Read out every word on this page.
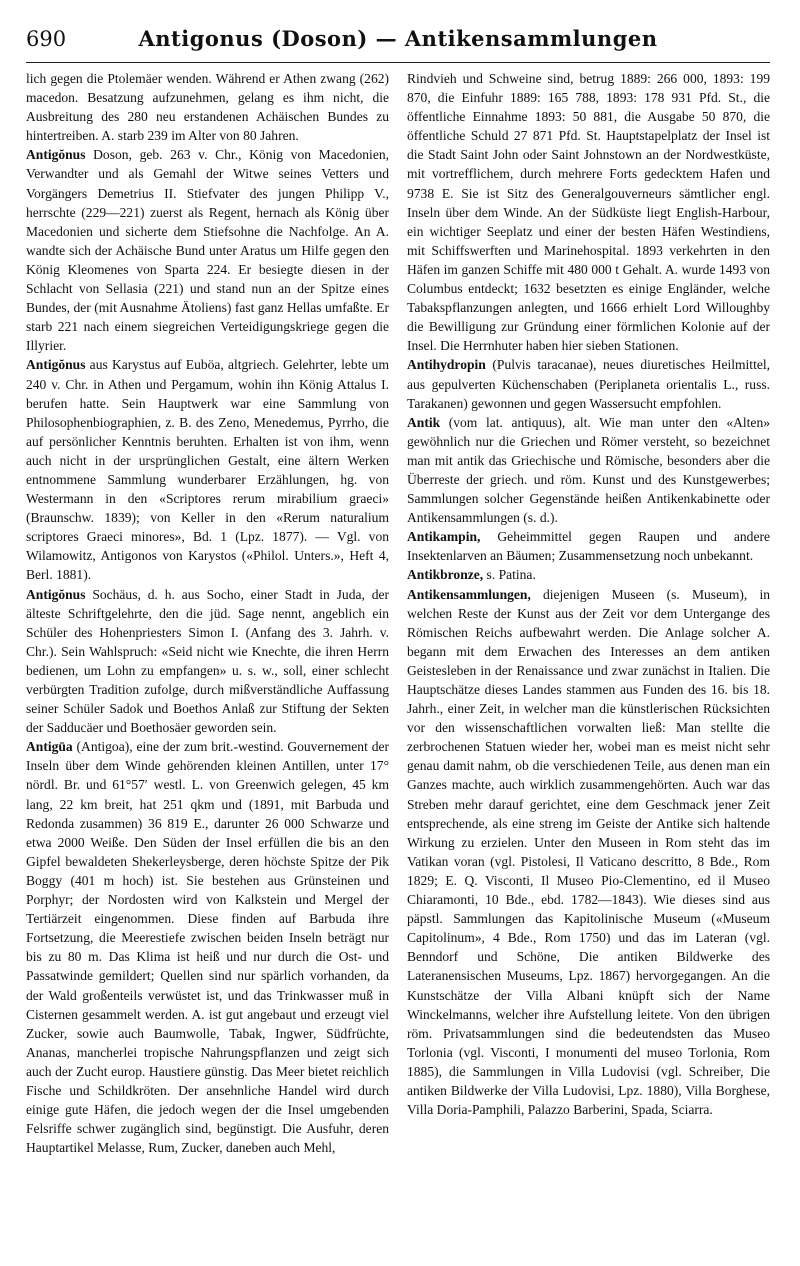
690	Antigonus (Doson) — Antikensammlungen

lich gegen die Ptolemäer wenden. Während er Athen zwang (262) macedon. Besatzung aufzunehmen, gelang es ihm nicht, die Ausbreitung des 280 neu erstandenen Achäischen Bundes zu hintertreiben. A. starb 239 im Alter von 80 Jahren.

Antigŏnus Doson, geb. 263 v. Chr., König von Macedonien, Verwandter und als Gemahl der Witwe seines Vetters und Vorgängers Demetrius II. Stiefvater des jungen Philipp V., herrschte (229—221) zuerst als Regent, hernach als König über Macedonien und sicherte dem Stiefsohne die Nachfolge. An A. wandte sich der Achäische Bund unter Aratus um Hilfe gegen den König Kleomenes von Sparta 224. Er besiegte diesen in der Schlacht von Sellasia (221) und stand nun an der Spitze eines Bundes, der (mit Ausnahme Ätoliens) fast ganz Hellas umfaßte. Er starb 221 nach einem siegreichen Verteidigungskriege gegen die Illyrier.

Antigŏnus aus Karystus auf Euböa, altgriech. Gelehrter, lebte um 240 v. Chr. in Athen und Pergamum, wohin ihn König Attalus I. berufen hatte. Sein Hauptwerk war eine Sammlung von Philosophenbiographien, z. B. des Zeno, Menedemus, Pyrrho, die auf persönlicher Kenntnis beruhten. Erhalten ist von ihm, wenn auch nicht in der ursprünglichen Gestalt, eine ältern Werken entnommene Sammlung wunderbarer Erzählungen, hg. von Westermann in den «Scriptores rerum mirabilium graeci» (Braunschw. 1839); von Keller in den «Rerum naturalium scriptores Graeci minores», Bd. 1 (Lpz. 1877). — Vgl. von Wilamowitz, Antigonos von Karystos («Philol. Unters.», Heft 4, Berl. 1881).

Antigŏnus Sochäus, d. h. aus Socho, einer Stadt in Juda, der älteste Schriftgelehrte, den die jüd. Sage nennt, angeblich ein Schüler des Hohenpriesters Simon I. (Anfang des 3. Jahrh. v. Chr.). Sein Wahlspruch: «Seid nicht wie Knechte, die ihren Herrn bedienen, um Lohn zu empfangen» u. s. w., soll, einer schlecht verbürgten Tradition zufolge, durch mißverständliche Auffassung seiner Schüler Sadok und Boethos Anlaß zur Stiftung der Sekten der Sadducäer und Boethosäer geworden sein.

Antigūa (Antigoa), eine der zum brit.-westind. Gouvernement der Inseln über dem Winde gehörenden kleinen Antillen, unter 17° nördl. Br. und 61°57′ westl. L. von Greenwich gelegen, 45 km lang, 22 km breit, hat 251 qkm und (1891, mit Barbuda und Redonda zusammen) 36 819 E., darunter 26 000 Schwarze und etwa 2000 Weiße. Den Süden der Insel erfüllen die bis an den Gipfel bewaldeten Shekerleysberge, deren höchste Spitze der Pik Boggy (401 m hoch) ist. Sie bestehen aus Grünsteinen und Porphyr; der Nordosten wird von Kalkstein und Mergel der Tertiärzeit eingenommen. Diese finden auf Barbuda ihre Fortsetzung, die Meerestiefe zwischen beiden Inseln beträgt nur bis zu 80 m. Das Klima ist heiß und nur durch die Ost- und Passatwinde gemildert; Quellen sind nur spärlich vorhanden, da der Wald großenteils verwüstet ist, und das Trinkwasser muß in Cisternen gesammelt werden. A. ist gut angebaut und erzeugt viel Zucker, sowie auch Baumwolle, Tabak, Ingwer, Südfrüchte, Ananas, mancherlei tropische Nahrungspflanzen und zeigt sich auch der Zucht europ. Haustiere günstig. Das Meer bietet reichlich Fische und Schildkröten. Der ansehnliche Handel wird durch einige gute Häfen, die jedoch wegen der die Insel umgebenden Felsriffe schwer zugänglich sind, begünstigt. Die Ausfuhr, deren Hauptartikel Melasse, Rum, Zucker, daneben auch Mehl,

Rindvieh und Schweine sind, betrug 1889: 266 000, 1893: 199 870, die Einfuhr 1889: 165 788, 1893: 178 931 Pfd. St., die öffentliche Einnahme 1893: 50 881, die Ausgabe 50 870, die öffentliche Schuld 27 871 Pfd. St. Hauptstapelplatz der Insel ist die Stadt Saint John oder Saint Johnstown an der Nordwestküste, mit vortrefflichem, durch mehrere Forts gedecktem Hafen und 9738 E. Sie ist Sitz des Generalgouverneurs sämtlicher engl. Inseln über dem Winde. An der Südküste liegt English-Harbour, ein wichtiger Seeplatz und einer der besten Häfen Westindiens, mit Schiffswerften und Marinehospital. 1893 verkehrten in den Häfen im ganzen Schiffe mit 480 000 t Gehalt. A. wurde 1493 von Columbus entdeckt; 1632 besetzten es einige Engländer, welche Tabakspflanzungen anlegten, und 1666 erhielt Lord Willoughby die Bewilligung zur Gründung einer förmlichen Kolonie auf der Insel. Die Herrnhuter haben hier sieben Stationen.

Antihydropin (Pulvis taracanae), neues diuretisches Heilmittel, aus gepulverten Küchenschaben (Periplaneta orientalis L., russ. Tarakanen) gewonnen und gegen Wassersucht empfohlen.

Antik (vom lat. antiquus), alt. Wie man unter den «Alten» gewöhnlich nur die Griechen und Römer versteht, so bezeichnet man mit antik das Griechische und Römische, besonders aber die Überreste der griech. und röm. Kunst und des Kunstgewerbes; Sammlungen solcher Gegenstände heißen Antikenkabinette oder Antikensammlungen (s. d.).

Antikampin, Geheimmittel gegen Raupen und andere Insektenlarven an Bäumen; Zusammensetzung noch unbekannt.

Antikbronze, s. Patina.

Antikensammlungen, diejenigen Museen (s. Museum), in welchen Reste der Kunst aus der Zeit vor dem Untergange des Römischen Reichs aufbewahrt werden. Die Anlage solcher A. begann mit dem Erwachen des Interesses an dem antiken Geistesleben in der Renaissance und zwar zunächst in Italien. Die Hauptschätze dieses Landes stammen aus Funden des 16. bis 18. Jahrh., einer Zeit, in welcher man die künstlerischen Rücksichten vor den wissenschaftlichen vorwalten ließ: Man stellte die zerbrochenen Statuen wieder her, wobei man es meist nicht sehr genau damit nahm, ob die verschiedenen Teile, aus denen man ein Ganzes machte, auch wirklich zusammengehörten. Auch war das Streben mehr darauf gerichtet, eine dem Geschmack jener Zeit entsprechende, als eine streng im Geiste der Antike sich haltende Wirkung zu erzielen. Unter den Museen in Rom steht das im Vatikan voran (vgl. Pistolesi, Il Vaticano descritto, 8 Bde., Rom 1829; E. Q. Visconti, Il Museo Pio-Clementino, ed il Museo Chiaramonti, 10 Bde., ebd. 1782—1843). Wie dieses sind aus päpstl. Sammlungen das Kapitolinische Museum («Museum Capitolinum», 4 Bde., Rom 1750) und das im Lateran (vgl. Benndorf und Schöne, Die antiken Bildwerke des Lateranensischen Museums, Lpz. 1867) hervorgegangen. An die Kunstschätze der Villa Albani knüpft sich der Name Winckelmanns, welcher ihre Aufstellung leitete. Von den übrigen röm. Privatsammlungen sind die bedeutendsten das Museo Torlonia (vgl. Visconti, I monumenti del museo Torlonia, Rom 1885), die Sammlungen in Villa Ludovisi (vgl. Schreiber, Die antiken Bildwerke der Villa Ludovisi, Lpz. 1880), Villa Borghese, Villa Doria-Pamphili, Palazzo Barberini, Spada, Sciarra.
